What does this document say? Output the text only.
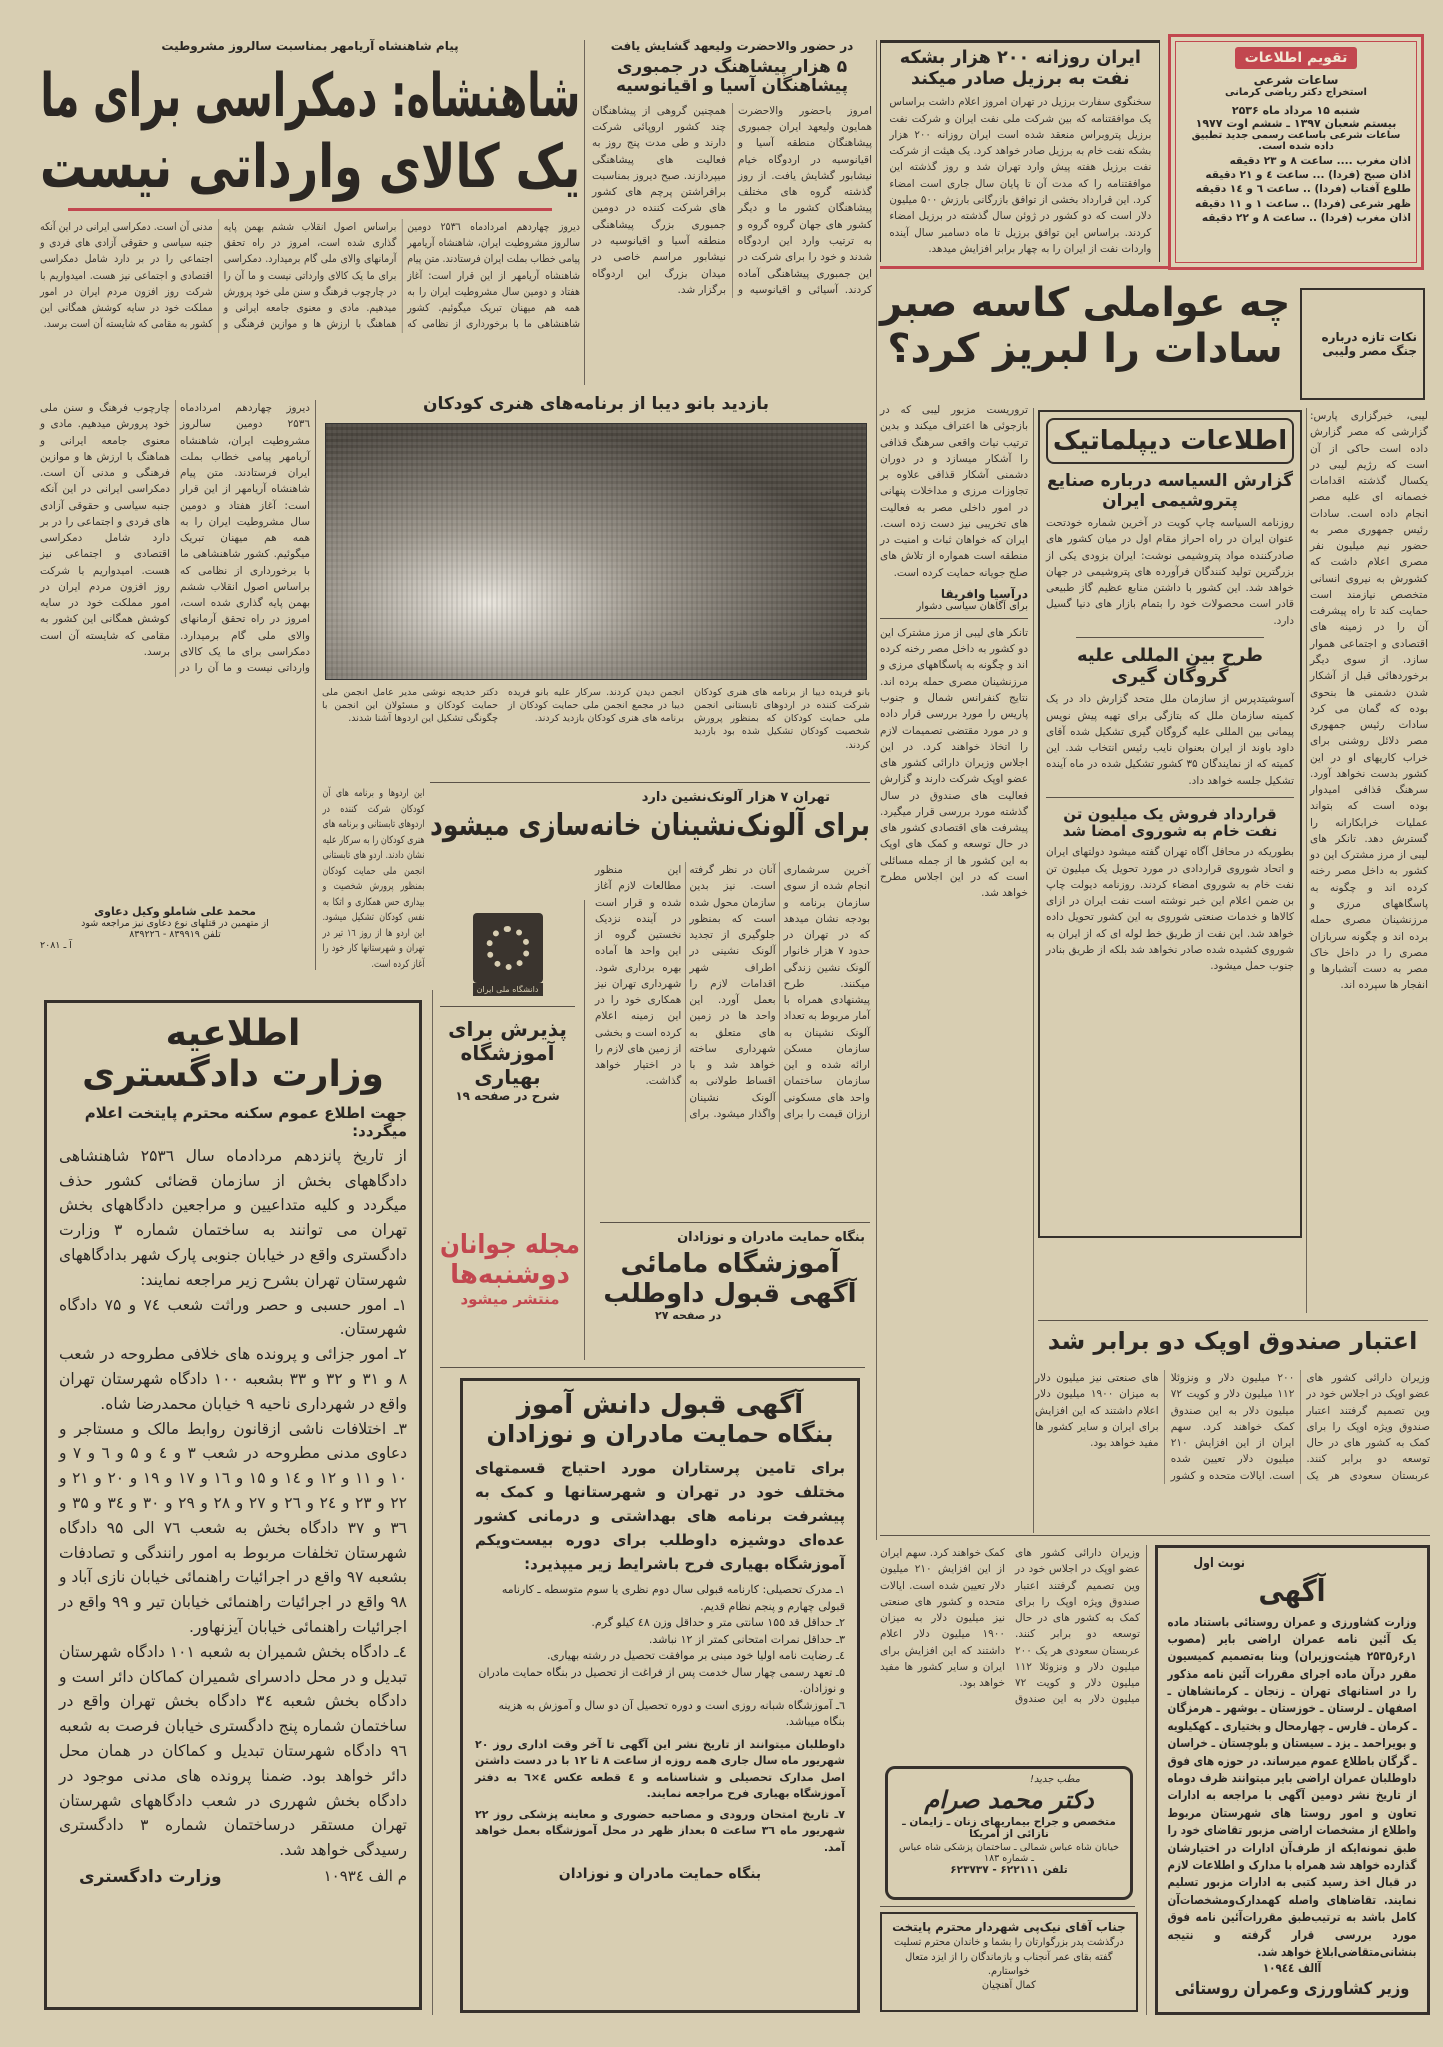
تقویم اطلاعات
ساعات شرعی
استخراج دکتر ریاضی کرمانی
شنبه ۱۵ مرداد ماه ۲۵۳۶
بیستم شعبان ۱۳۹۷ ـ ششم اوت ۱۹۷۷
ساعات شرعی باساعت رسمی جدید تطبیق داده شده است.
اذان مغرب .... ساعت ۸ و ۲۳ دقیقه
اذان صبح (فردا) ... ساعت ٤ و ۲۱ دقیقه
طلوع آفتاب (فردا) .. ساعت ٦ و ١٤ دقیقه
ظهر شرعی (فردا) .. ساعت ۱ و ۱۱ دقیقه
اذان مغرب (فردا) .. ساعت ۸ و ۲۲ دقیقه
ایران روزانه ۲۰۰ هزار بشکه نفت به برزیل صادر میکند
سخنگوی سفارت برزیل در تهران امروز اعلام داشت براساس یک موافقتنامه که بین شرکت ملی نفت ایران و شرکت نفت برزیل پتروبراس منعقد شده است ایران روزانه ۲۰۰ هزار بشکه نفت خام به برزیل صادر خواهد کرد. یک هیئت از شرکت نفت برزیل هفته پیش وارد تهران شد و روز گذشته این موافقتنامه را که مدت آن تا پایان سال جاری است امضاء کرد. این قرارداد بخشی از توافق بازرگانی بارزش ۵۰۰ میلیون دلار است که دو کشور در ژوئن سال گذشته در برزیل امضاء کردند. براساس این توافق برزیل تا ماه دسامبر سال آینده واردات نفت از ایران را به چهار برابر افزایش میدهد.
در حضور والاحضرت ولیعهد گشایش یافت
۵ هزار پیشاهنگ در جمبوری پیشاهنگان آسیا و اقیانوسیه
امروز باحضور والاحضرت همایون ولیعهد ایران جمبوری پیشاهنگان منطقه آسیا و اقیانوسیه در اردوگاه خیام نیشابور گشایش یافت. از روز گذشته گروه های مختلف پیشاهنگان کشور ما و دیگر کشور های جهان گروه گروه و به ترتیب وارد این اردوگاه شدند و خود را برای شرکت در این جمبوری پیشاهنگی آماده کردند. آسیائی و اقیانوسیه و همچنین گروهی از پیشاهنگان چند کشور اروپائی شرکت دارند و طی مدت پنج روز به فعالیت های پیشاهنگی میپردازند. صبح دیروز بمناسبت برافراشتن پرچم های کشور های شرکت کننده در دومین جمبوری بزرگ پیشاهنگی منطقه آسیا و اقیانوسیه در نیشابور مراسم خاصی در میدان بزرگ این اردوگاه برگزار شد.
پیام شاهنشاه آریامهر بمناسبت سالروز مشروطیت
شاهنشاه: دمکراسی برای ما
یک کالای وارداتی نیست
دیروز چهاردهم امردادماه ۲۵۳٦ دومین سالروز مشروطیت ایران، شاهنشاه آریامهر پیامی خطاب بملت ایران فرستادند. متن پیام شاهنشاه آریامهر از این قرار است: آغاز هفتاد و دومین سال مشروطیت ایران را به همه هم میهنان تبریک میگوئیم. کشور شاهنشاهی ما با برخورداری از نظامی که براساس اصول انقلاب ششم بهمن پایه گذاری شده است، امروز در راه تحقق آرمانهای والای ملی گام برمیدارد. دمکراسی برای ما یک کالای وارداتی نیست و ما آن را در چارچوب فرهنگ و سنن ملی خود پرورش میدهیم. مادی و معنوی جامعه ایرانی و هماهنگ با ارزش ها و موازین فرهنگی و مدنی آن است. دمکراسی ایرانی در این آنکه جنبه سیاسی و حقوقی آزادی های فردی و اجتماعی را در بر دارد شامل دمکراسی اقتصادی و اجتماعی نیز هست. امیدواریم با شرکت روز افزون مردم ایران در امور مملکت خود در سایه کوشش همگانی این کشور به مقامی که شایسته آن است برسد.
دیروز چهاردهم امردادماه ۲۵۳٦ دومین سالروز مشروطیت ایران، شاهنشاه آریامهر پیامی خطاب بملت ایران فرستادند. متن پیام شاهنشاه آریامهر از این قرار است: آغاز هفتاد و دومین سال مشروطیت ایران را به همه هم میهنان تبریک میگوئیم. کشور شاهنشاهی ما با برخورداری از نظامی که براساس اصول انقلاب ششم بهمن پایه گذاری شده است، امروز در راه تحقق آرمانهای والای ملی گام برمیدارد. دمکراسی برای ما یک کالای وارداتی نیست و ما آن را در چارچوب فرهنگ و سنن ملی خود پرورش میدهیم. مادی و معنوی جامعه ایرانی و هماهنگ با ارزش ها و موازین فرهنگی و مدنی آن است. دمکراسی ایرانی در این آنکه جنبه سیاسی و حقوقی آزادی های فردی و اجتماعی را در بر دارد شامل دمکراسی اقتصادی و اجتماعی نیز هست. امیدواریم با شرکت روز افزون مردم ایران در امور مملکت خود در سایه کوشش همگانی این کشور به مقامی که شایسته آن است برسد.
محمد علی شاملو وکیل دعاوی
از متهمین در قتلهای نوع دعاوی نیز مراجعه شود
تلفن ۸۳۹۹۱۹ - ۸۳۹۲۲٦
آ ـ ۲۰۸۱
نکات تازه درباره
جنگ مصر ولیبی
چه عواملی کاسه صبر
سادات را لبریز کرد؟
تروریست مزبور لیبی که در بازجوئی ها اعتراف میکند و بدین ترتیب نیات واقعی سرهنگ قذافی را آشکار میسازد و در دوران دشمنی آشکار قذافی علاوه بر تجاوزات مرزی و مداخلات پنهانی در امور داخلی مصر به فعالیت های تخریبی نیز دست زده است. ایران که خواهان ثبات و امنیت در منطقه است همواره از تلاش های صلح جویانه حمایت کرده است.
درآسیا وافریقا
برای آگاهان سیاسی دشوار
تانکر های لیبی از مرز مشترک این دو کشور به داخل مصر رخنه کرده اند و چگونه به پاسگاههای مرزی و مرزنشینان مصری حمله برده اند. نتایج کنفرانس شمال و جنوب پاریس را مورد بررسی قرار داده و در مورد مقتضی تصمیمات لازم را اتخاذ خواهند کرد. در این اجلاس وزیران دارائی کشور های عضو اوپک شرکت دارند و گزارش فعالیت های صندوق در سال گذشته مورد بررسی قرار میگیرد. پیشرفت های اقتصادی کشور های در حال توسعه و کمک های اوپک به این کشور ها از جمله مسائلی است که در این اجلاس مطرح خواهد شد.
لیبی، خبرگزاری پارس: گزارشی که مصر گزارش داده است حاکی از آن است که رژیم لیبی در یکسال گذشته اقدامات خصمانه ای علیه مصر انجام داده است. سادات رئیس جمهوری مصر به حضور نیم میلیون نفر مصری اعلام داشت که کشورش به نیروی انسانی متخصص نیازمند است حمایت کند تا راه پیشرفت آن را در زمینه های اقتصادی و اجتماعی هموار سازد. از سوی دیگر برخوردهائی قبل از آشکار شدن دشمنی ها بنحوی بوده که گمان می کرد سادات رئیس جمهوری مصر دلائل روشنی برای خراب کاریهای او در این کشور بدست نخواهد آورد. سرهنگ قذافی امیدوار بوده است که بتواند عملیات خرابکارانه را گسترش دهد. تانکر های لیبی از مرز مشترک این دو کشور به داخل مصر رخنه کرده اند و چگونه به پاسگاههای مرزی و مرزنشینان مصری حمله برده اند و چگونه سربازان مصری را در داخل خاک مصر به دست آتشبارها و انفجار ها سپرده اند.
اطلاعات دیپلماتیک
گزارش السیاسه درباره صنایع پتروشیمی ایران
روزنامه السیاسه چاپ کویت در آخرین شماره خودتحت عنوان ایران در راه احراز مقام اول در میان کشور های صادرکننده مواد پتروشیمی نوشت: ایران بزودی یکی از بزرگترین تولید کنندگان فرآورده های پتروشیمی در جهان خواهد شد. این کشور با داشتن منابع عظیم گاز طبیعی قادر است محصولات خود را بتمام بازار های دنیا گسیل دارد.
طرح بین المللی علیه گروگان گیری
آسوشیتدپرس از سازمان ملل متحد گزارش داد در یک کمیته سازمان ملل که بتازگی برای تهیه پیش نویس پیمانی بین المللی علیه گروگان گیری تشکیل شده آقای داود باوند از ایران بعنوان نایب رئیس انتخاب شد. این کمیته که از نمایندگان ۳۵ کشور تشکیل شده در ماه آینده تشکیل جلسه خواهد داد.
قرارداد فروش یک میلیون تن نفت خام به شوروی امضا شد
بطوریکه در محافل آگاه تهران گفته میشود دولتهای ایران و اتحاد شوروی قراردادی در مورد تحویل یک میلیون تن نفت خام به شوروی امضاء کردند. روزنامه دیولت چاپ بن ضمن اعلام این خبر نوشته است نفت ایران در ازای کالاها و خدمات صنعتی شوروی به این کشور تحویل داده خواهد شد. این نفت از طریق خط لوله ای که از ایران به شوروی کشیده شده صادر نخواهد شد بلکه از طریق بنادر جنوب حمل میشود.
بازدید بانو دیبا از برنامه‌های هنری کودکان
بانو فریده دیبا از برنامه های هنری کودکان شرکت کننده در اردوهای تابستانی انجمن ملی حمایت کودکان که بمنظور پرورش شخصیت کودکان تشکیل شده بود بازدید کردند.
انجمن دیدن کردند. سرکار علیه بانو فریده دیبا در مجمع انجمن ملی حمایت کودکان از برنامه های هنری کودکان بازدید کردند.
دکتر خدیجه نوشی مدیر عامل انجمن ملی حمایت کودکان و مسئولان این انجمن با چگونگی تشکیل این اردوها آشنا شدند.
این اردوها و برنامه های آن کودکان شرکت کننده در اردوهای تابستانی و برنامه های هنری کودکان را به سرکار علیه نشان دادند. اردو های تابستانی انجمن ملی حمایت کودکان بمنظور پرورش شخصیت و بیداری حس همکاری و اتکا به نفس کودکان تشکیل میشود. این اردو ها از روز ۱٦ تیر در تهران و شهرستانها کار خود را آغاز کرده است.
تهران ۷ هزار آلونک‌نشین دارد
برای آلونک‌نشینان خانه‌سازی میشود
آخرین سرشماری انجام شده از سوی سازمان برنامه و بودجه نشان میدهد که در تهران در حدود ۷ هزار خانوار آلونک نشین زندگی میکنند. طرح پیشنهادی همراه با آمار مربوط به تعداد آلونک نشینان به سازمان مسکن ارائه شده و این سازمان ساختمان واحد های مسکونی ارزان قیمت را برای آنان در نظر گرفته است. نیز بدین سازمان محول شده است که بمنظور جلوگیری از تجدید آلونک نشینی در اطراف شهر اقدامات لازم را بعمل آورد. این واحد ها در زمین های متعلق به شهرداری ساخته خواهد شد و با اقساط طولانی به آلونک نشینان واگذار میشود. برای این منظور مطالعات لازم آغاز شده و قرار است در آینده نزدیک نخستین گروه از این واحد ها آماده بهره برداری شود. شهرداری تهران نیز همکاری خود را در این زمینه اعلام کرده است و بخشی از زمین های لازم را در اختیار خواهد گذاشت.
دانشگاه ملی ایران
پذیرش برای
آموزشگاه
بهیاری
شرح در صفحه ۱۹
مجله جوانان
دوشنبه‌ها
منتشر میشود
بنگاه حمایت مادران و نوزادان
آموزشگاه مامائی
آگهی قبول داوطلب
در صفحه ۲۷
آگهی قبول دانش آموز
بنگاه حمایت مادران و نوزادان
برای تامین پرستاران مورد احتیاج قسمتهای مختلف خود در تهران و شهرستانها و کمک به پیشرفت برنامه های بهداشتی و درمانی کشور عده‌ای دوشیزه داوطلب برای دوره بیست‌ویکم آموزشگاه بهیاری فرح باشرایط زیر میپذیرد:
۱ـ مدرک تحصیلی: کارنامه قبولی سال دوم نظری یا سوم متوسطه ـ کارنامه قبولی چهارم و پنجم نظام قدیم.
۲ـ حداقل قد ۱۵۵ سانتی متر و حداقل وزن ٤۸ کیلو گرم.
۳ـ حداقل نمرات امتحانی کمتر از ۱۲ نباشد.
٤ـ رضایت نامه اولیا خود مبنی بر موافقت تحصیل در رشته بهیاری.
۵ـ تعهد رسمی چهار سال خدمت پس از فراغت از تحصیل در بنگاه حمایت مادران و نوزادان.
٦ـ آموزشگاه شبانه روزی است و دوره تحصیل آن دو سال و آموزش به هزینه بنگاه میباشد.
داوطلبان میتوانند از تاریخ نشر این آگهی تا آخر وقت اداری روز ۲۰ شهریور ماه سال جاری همه روزه از ساعت ۸ تا ۱۲ با در دست داشتن اصل مدارک تحصیلی و شناسنامه و ٤ قطعه عکس ٤×٦ به دفتر آموزشگاه بهیاری فرح مراجعه نمایند.
۷ـ تاریخ امتحان ورودی و مصاحبه حضوری و معاینه پزشکی روز ۲۲ شهریور ماه ۳٦ ساعت ۵ بعداز ظهر در محل آموزشگاه بعمل خواهد آمد.
بنگاه حمایت مادران و نوزادان
اطلاعیه
وزارت دادگستری
جهت اطلاع عموم سکنه محترم پایتخت اعلام میگردد:
از تاریخ پانزدهم مردادماه سال ۲۵۳٦ شاهنشاهی دادگاههای بخش از سازمان قضائی کشور حذف میگردد و کلیه متداعیین و مراجعین دادگاههای بخش تهران می توانند به ساختمان شماره ۳ وزارت دادگستری واقع در خیابان جنوبی پارک شهر بدادگاههای شهرستان تهران بشرح زیر مراجعه نمایند:
۱ـ امور حسبی و حصر وراثت شعب ۷٤ و ۷۵ دادگاه شهرستان.
۲ـ امور جزائی و پرونده های خلافی مطروحه در شعب ۸ و ۳۱ و ۳۲ و ۳۳ بشعبه ۱۰۰ دادگاه شهرستان تهران واقع در شهرداری ناحیه ۹ خیابان محمدرضا شاه.
۳ـ اختلافات ناشی ازقانون روابط مالک و مستاجر و دعاوی مدنی مطروحه در شعب ۳ و ٤ و ۵ و ٦ و ۷ و ۱۰ و ۱۱ و ۱۲ و ۱٤ و ۱۵ و ۱٦ و ۱۷ و ۱۹ و ۲۰ و ۲۱ و ۲۲ و ۲۳ و ۲٤ و ۲٦ و ۲۷ و ۲۸ و ۲۹ و ۳۰ و ۳٤ و ۳۵ و ۳٦ و ۳۷ دادگاه بخش به شعب ۷٦ الی ۹۵ دادگاه شهرستان تخلفات مربوط به امور رانندگی و تصادفات بشعبه ۹۷ واقع در اجرائیات راهنمائی خیابان نازی آباد و ۹۸ واقع در اجرائیات راهنمائی خیابان تیر و ۹۹ واقع در اجرائیات راهنمائی خیابان آیزنهاور.
٤ـ دادگاه بخش شمیران به شعبه ۱۰۱ دادگاه شهرستان تبدیل و در محل دادسرای شمیران کماکان دائر است و دادگاه بخش شعبه ۳٤ دادگاه بخش تهران واقع در ساختمان شماره پنج دادگستری خیابان فرصت به شعبه ۹٦ دادگاه شهرستان تبدیل و کماکان در همان محل دائر خواهد بود. ضمنا پرونده های مدنی موجود در دادگاه بخش شهرری در شعب دادگاههای شهرستان تهران مستقر درساختمان شماره ۳ دادگستری رسیدگی خواهد شد.
م الف ۱۰۹۳٤
وزارت دادگستری
اعتبار صندوق اوپک دو برابر شد
وزیران دارائی کشور های عضو اوپک در اجلاس خود در وین تصمیم گرفتند اعتبار صندوق ویژه اوپک را برای کمک به کشور های در حال توسعه دو برابر کنند. عربستان سعودی هر یک ۲۰۰ میلیون دلار و ونزوئلا ۱۱۲ میلیون دلار و کویت ۷۲ میلیون دلار به این صندوق کمک خواهند کرد. سهم ایران از این افزایش ۲۱۰ میلیون دلار تعیین شده است. ایالات متحده و کشور های صنعتی نیز میلیون دلار به میزان ۱۹۰۰ میلیون دلار اعلام داشتند که این افزایش برای ایران و سایر کشور ها مفید خواهد بود.
نوبت اول
آگهی
وزارت کشاورزی و عمران روستائی باستناد ماده یک آئین نامه عمران اراضی بایر (مصوب ۱ر۶ر۲۵۳۵ هیئت‌وزیران) وبنا به‌تصمیم کمیسیون مقرر درآن ماده اجرای مقررات آئین نامه مذکور را در استانهای تهران ـ زنجان ـ کرمانشاهان ـ اصفهان ـ لرستان ـ خوزستان ـ بوشهر ـ هرمزگان ـ کرمان ـ فارس ـ چهارمحال و بختیاری ـ کهکیلویه و بویراحمد ـ یزد ـ سیستان و بلوچستان ـ خراسان ـ گرگان باطلاع عموم میرساند. در حوزه های فوق داوطلبان عمران اراضی بایر میتوانند ظرف دوماه از تاریخ نشر دومین آگهی با مراجعه به ادارات تعاون و امور روستا های شهرستان مربوط واطلاع از مشخصات اراضی مزبور تقاضای خود را طبق نمونه‌ایکه از طرف‌آن ادارات در اختیارشان گذارده خواهد شد همراه با مدارک و اطلاعات لازم در قبال اخذ رسید کتبی به ادارات مزبور تسلیم نمایند. تقاضاهای واصله کهمدارک‌ومشخصات‌آن کامل باشد به ترتیب‌طبق مقررات‌آئین نامه فوق مورد بررسی قرار گرفته و نتیجه بنشانی‌متقاضی‌ابلاغ خواهد شد.
آالف ۱۰۹٤٤
وزیر کشاورزی وعمران روستائی
وزیران دارائی کشور های عضو اوپک در اجلاس خود در وین تصمیم گرفتند اعتبار صندوق ویژه اوپک را برای کمک به کشور های در حال توسعه دو برابر کنند. عربستان سعودی هر یک ۲۰۰ میلیون دلار و ونزوئلا ۱۱۲ میلیون دلار و کویت ۷۲ میلیون دلار به این صندوق کمک خواهند کرد. سهم ایران از این افزایش ۲۱۰ میلیون دلار تعیین شده است. ایالات متحده و کشور های صنعتی نیز میلیون دلار به میزان ۱۹۰۰ میلیون دلار اعلام داشتند که این افزایش برای ایران و سایر کشور ها مفید خواهد بود.
مطب جدید!
دکتر محمد صرام
متخصص و جراح بیماریهای زنان ـ زایمان ـ نازائی از آمریکا
خیابان شاه عباس شمالی ـ ساختمان پزشکی شاه عباس ـ شماره ۱۸۳
تلفن ۶۲۲۱۱۱ - ۶۲۳۷۳۷
جناب آقای نیک‌پی شهردار محترم پایتخت
درگذشت پدر بزرگوارتان را بشما و خاندان محترم تسلیت گفته بقای عمر آنجناب و بازماندگان را از ایزد متعال خواستارم.
کمال آهنچیان
